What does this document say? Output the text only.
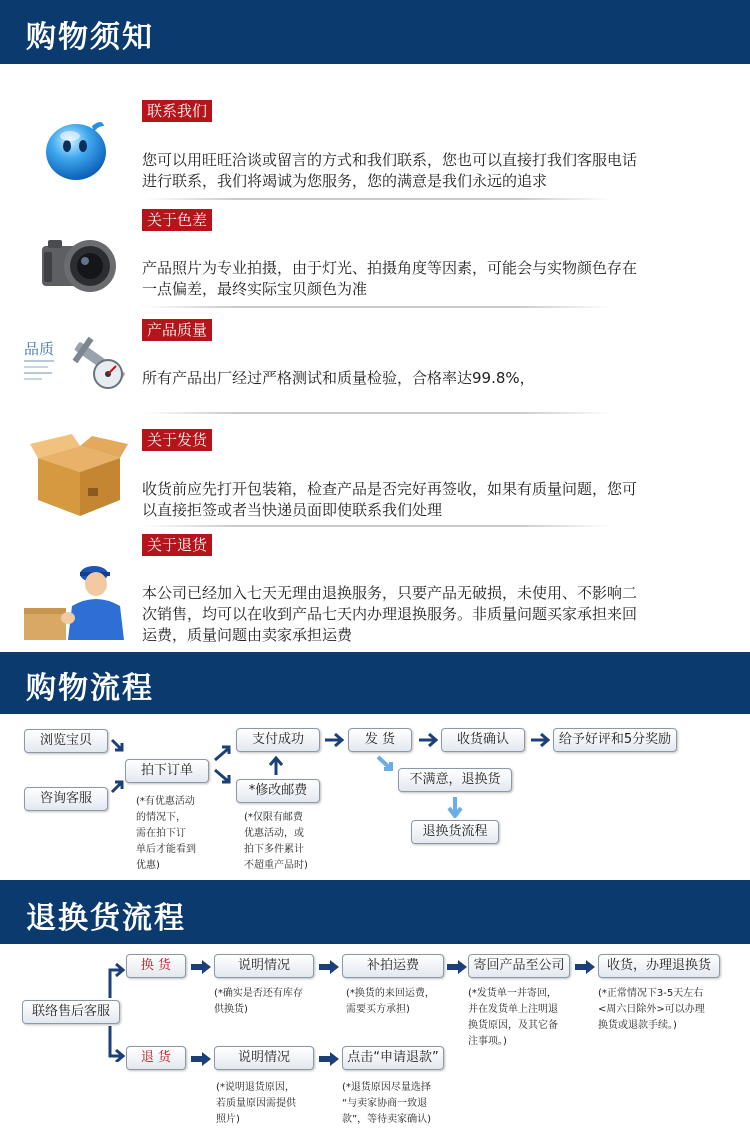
购物须知
联系我们
您可以用旺旺洽谈或留言的方式和我们联系，您也可以直接打我们客服电话进行联系，我们将竭诚为您服务，您的满意是我们永远的追求
关于色差
产品照片为专业拍摄，由于灯光、拍摄角度等因素，可能会与实物颜色存在一点偏差，最终实际宝贝颜色为准
品质
产品质量
所有产品出厂经过严格测试和质量检验，合格率达99.8%，
关于发货
收货前应先打开包装箱，检查产品是否完好再签收，如果有质量问题，您可以直接拒签或者当快递员面即使联系我们处理
关于退货
本公司已经加入七天无理由退换服务，只要产品无破损，未使用、不影响二次销售，均可以在收到产品七天内办理退换服务。非质量问题买家承担来回运费，质量问题由卖家承担运费
购物流程
浏览宝贝
咨询客服
拍下订单
支付成功
*修改邮费
发 货	收货确认	给予好评和5分奖励
不满意，退换货
退换货流程
(*有优惠活动
的情况下，
需在拍下订
单后才能看到
优惠)
(*仅限有邮费
优惠活动，或
拍下多件累计
不超重产品时)
退换货流程
联络售后客服
换 货
退 货
说明情况	补拍运费	寄回产品至公司	收货，办理退换货
说明情况	点击“申请退款”
(*确实是否还有库存
供换货)
(*换货的来回运费，
需要买方承担)
(*发货单一并寄回，
并在发货单上注明退
换货原因，及其它备
注事项。)
(*正常情况下3-5天左右
<周六日除外>可以办理
换货或退款手续。)
(*说明退货原因，
若质量原因需提供
照片)
(*退货原因尽量选择
“与卖家协商一致退
款”，等待卖家确认)
